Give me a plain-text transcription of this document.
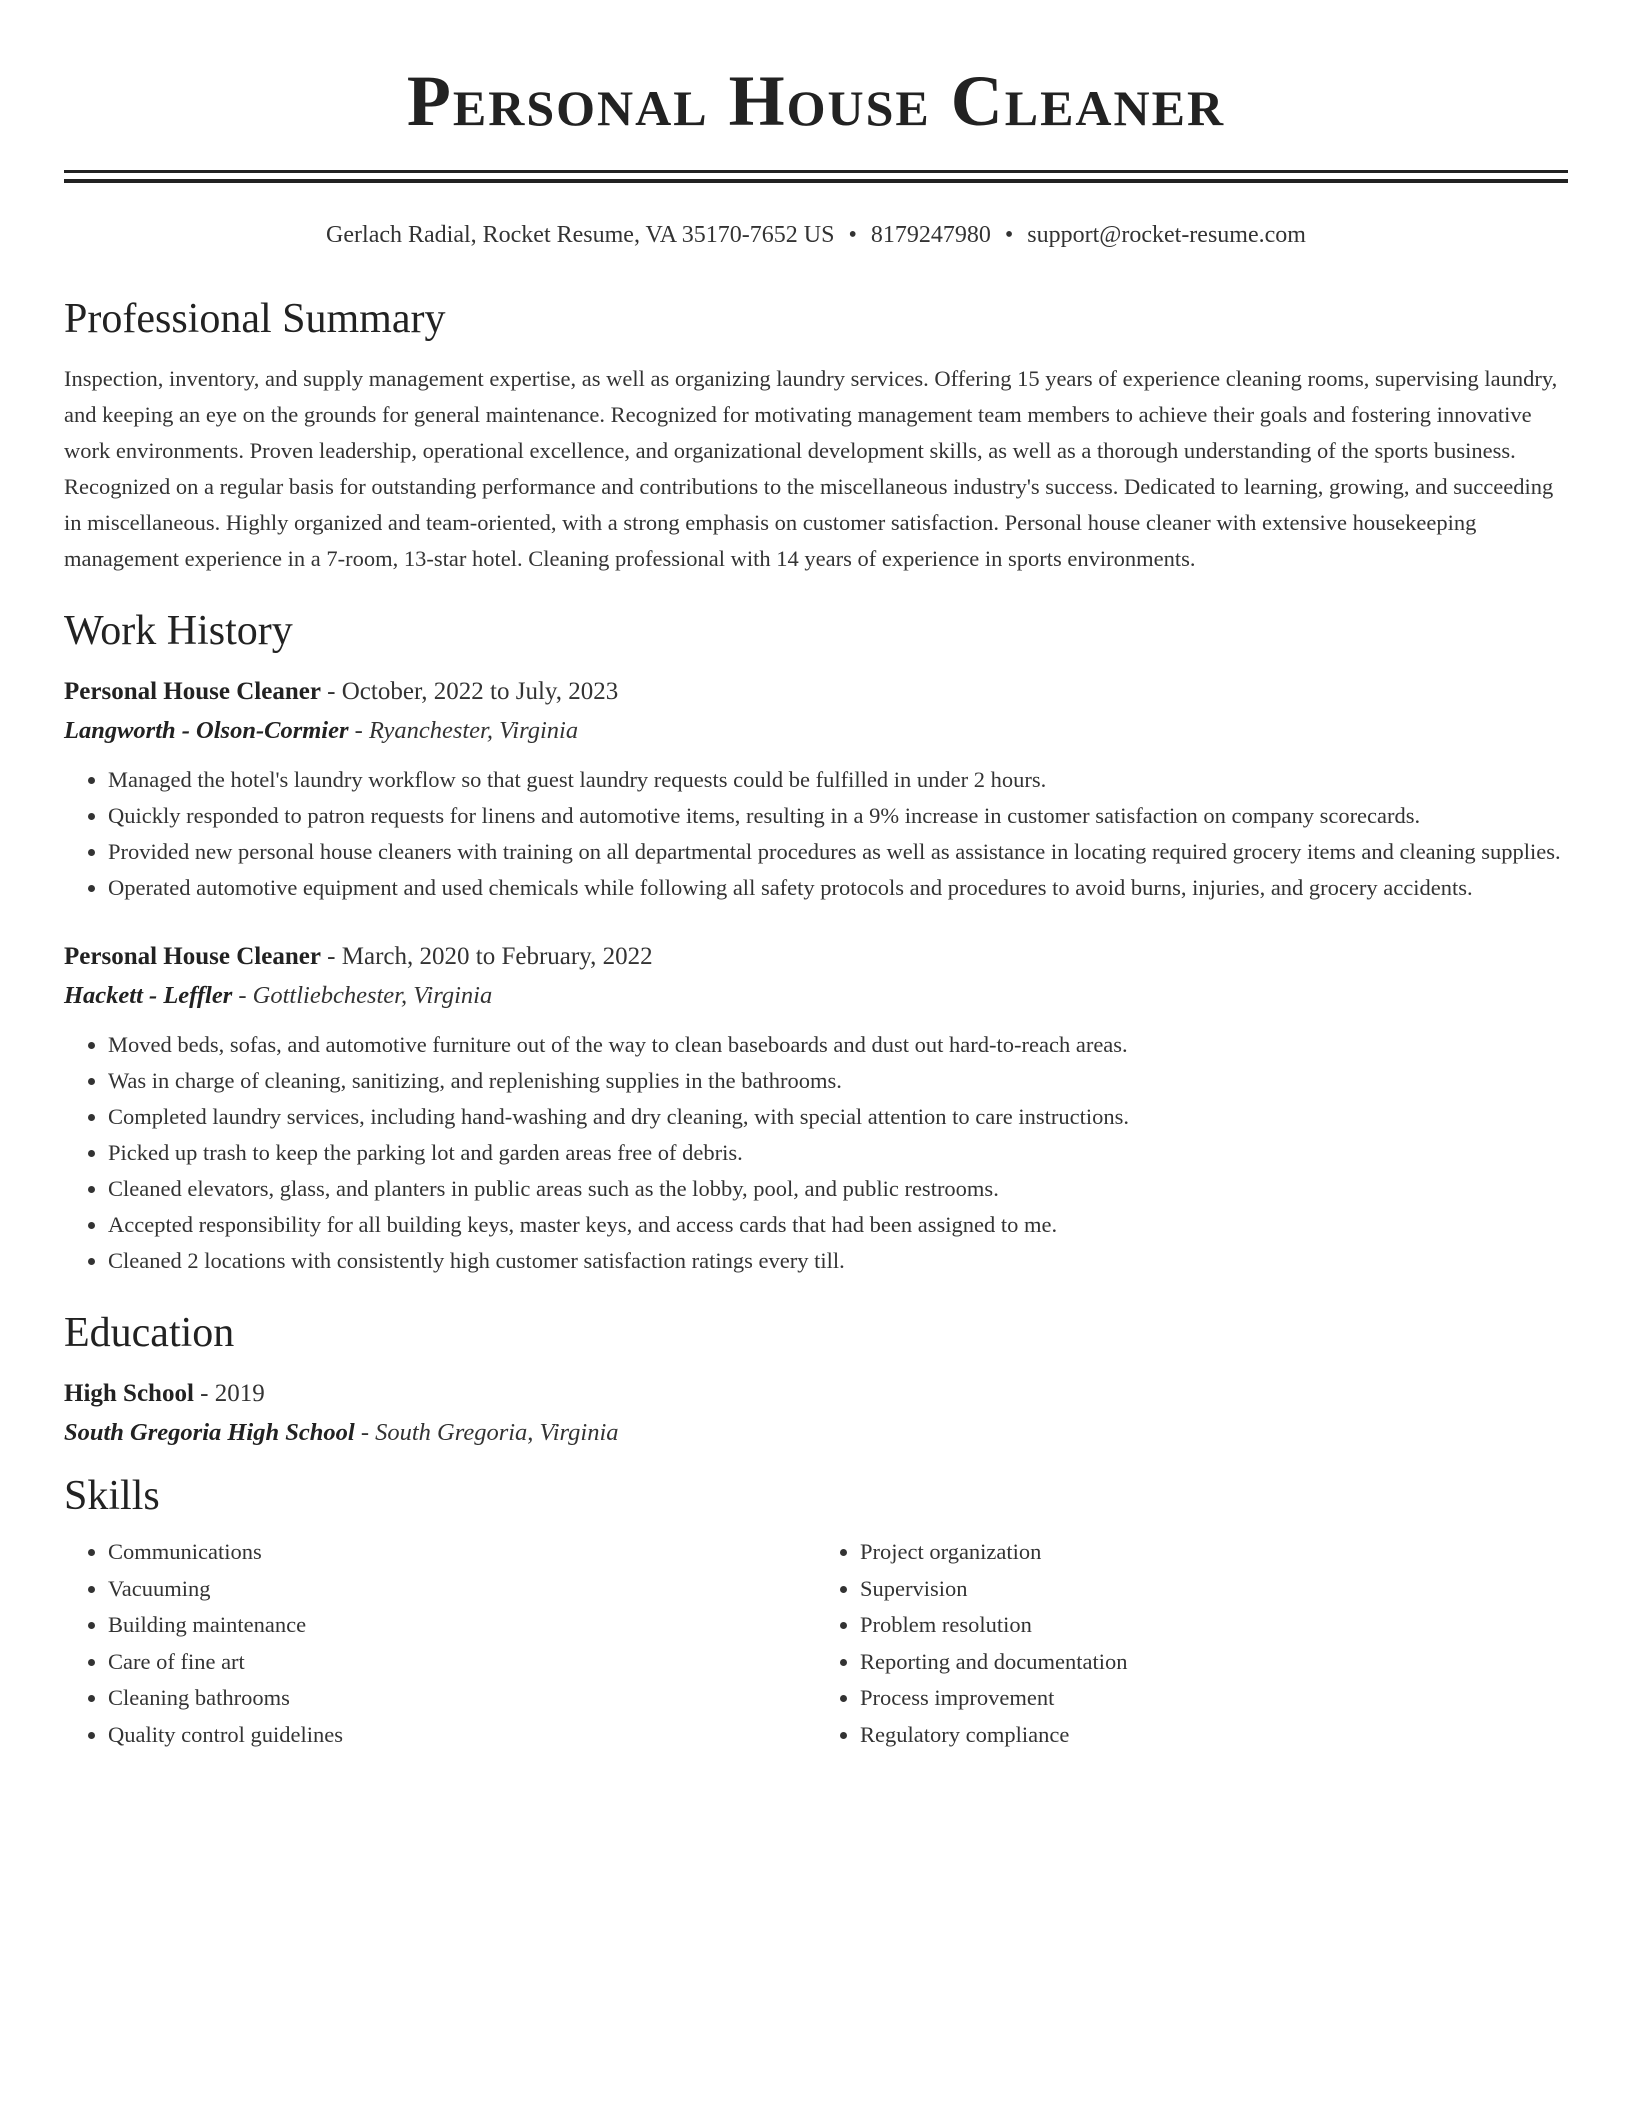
Personal House Cleaner
Gerlach Radial, Rocket Resume, VA 35170-7652 US • 8179247980 • support@rocket-resume.com
Professional Summary

Inspection, inventory, and supply management expertise, as well as organizing laundry services. Offering 15 years of experience cleaning rooms, supervising laundry, and keeping an eye on the grounds for general maintenance. Recognized for motivating management team members to achieve their goals and fostering innovative work environments. Proven leadership, operational excellence, and organizational development skills, as well as a thorough understanding of the sports business. Recognized on a regular basis for outstanding performance and contributions to the miscellaneous industry's success. Dedicated to learning, growing, and succeeding in miscellaneous. Highly organized and team-oriented, with a strong emphasis on customer satisfaction. Personal house cleaner with extensive housekeeping management experience in a 7-room, 13-star hotel. Cleaning professional with 14 years of experience in sports environments.

Work History
Personal House Cleaner - October, 2022 to July, 2023
Langworth - Olson-Cormier - Ryanchester, Virginia
• Managed the hotel's laundry workflow so that guest laundry requests could be fulfilled in under 2 hours.
• Quickly responded to patron requests for linens and automotive items, resulting in a 9% increase in customer satisfaction on company scorecards.
• Provided new personal house cleaners with training on all departmental procedures as well as assistance in locating required grocery items and cleaning supplies.
• Operated automotive equipment and used chemicals while following all safety protocols and procedures to avoid burns, injuries, and grocery accidents.
Personal House Cleaner - March, 2020 to February, 2022
Hackett - Leffler - Gottliebchester, Virginia
• Moved beds, sofas, and automotive furniture out of the way to clean baseboards and dust out hard-to-reach areas.
• Was in charge of cleaning, sanitizing, and replenishing supplies in the bathrooms.
• Completed laundry services, including hand-washing and dry cleaning, with special attention to care instructions.
• Picked up trash to keep the parking lot and garden areas free of debris.
• Cleaned elevators, glass, and planters in public areas such as the lobby, pool, and public restrooms.
• Accepted responsibility for all building keys, master keys, and access cards that had been assigned to me.
• Cleaned 2 locations with consistently high customer satisfaction ratings every till.
Education
High School - 2019
South Gregoria High School - South Gregoria, Virginia
Skills
• Communications
• Vacuuming
• Building maintenance
• Care of fine art
• Cleaning bathrooms
• Quality control guidelines
• Project organization
• Supervision
• Problem resolution
• Reporting and documentation
• Process improvement
• Regulatory compliance
